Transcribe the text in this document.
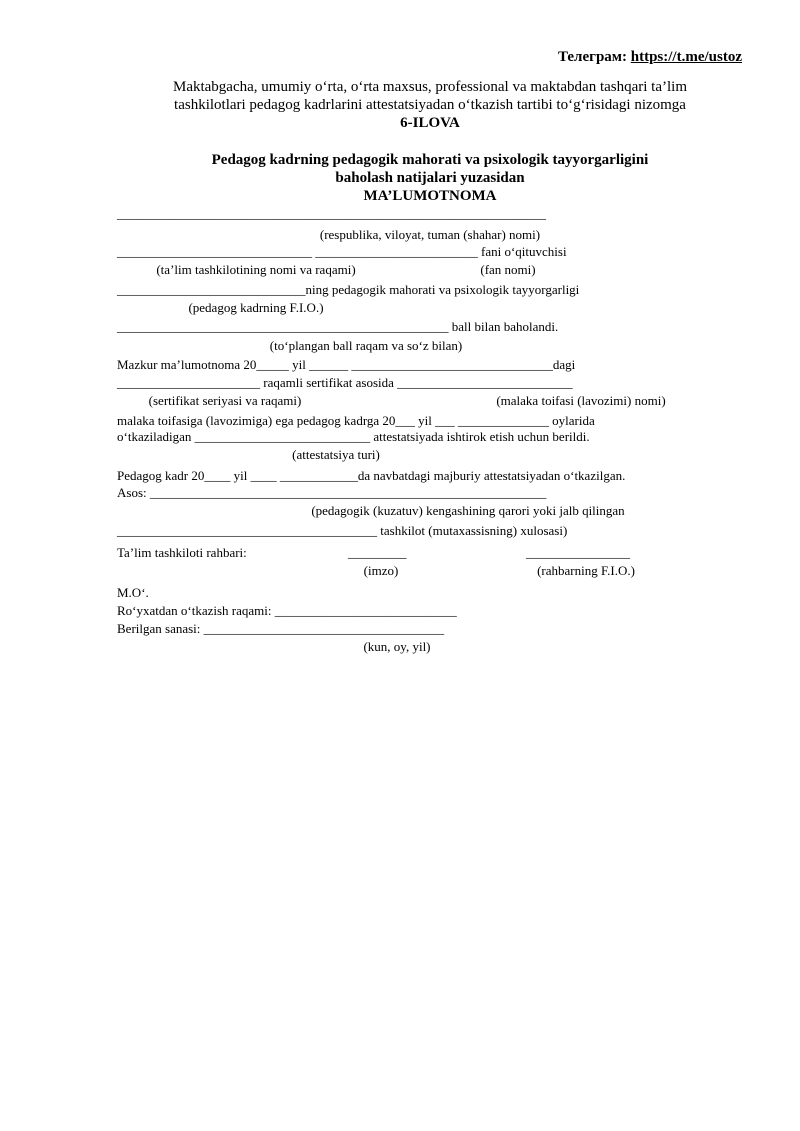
Телеграм: https://t.me/ustoz
Maktabgacha, umumiy o‘rta, o‘rta maxsus, professional va maktabdan tashqari ta’lim
tashkilotlari pedagog kadrlarini attestatsiyadan o‘tkazish tartibi to‘g‘risidagi nizomga
6-ILOVA
Pedagog kadrning pedagogik mahorati va psixologik tayyorgarligini
baholash natijalari yuzasidan
MA’LUMOTNOMA
__________________________________________________________________
(respublika, viloyat, tuman (shahar) nomi)
______________________________ _________________________ fani o‘qituvchisi
(ta’lim tashkilotining nomi va raqami)	(fan nomi)
_____________________________ning pedagogik mahorati va psixologik tayyorgarligi
(pedagog kadrning F.I.O.)
___________________________________________________ ball bilan baholandi.
(to‘plangan ball raqam va so‘z bilan)
Mazkur ma’lumotnoma 20_____ yil ______ _______________________________dagi
______________________ raqamli sertifikat asosida ___________________________
(sertifikat seriyasi va raqami)	(malaka toifasi (lavozimi) nomi)
malaka toifasiga (lavozimiga) ega pedagog kadrga 20___ yil ___ ______________ oylarida
o‘tkaziladigan ___________________________ attestatsiyada ishtirok etish uchun berildi.
(attestatsiya turi)
Pedagog kadr 20____ yil ____ ____________da navbatdagi majburiy attestatsiyadan o‘tkazilgan.
Asos: _____________________________________________________________
(pedagogik (kuzatuv) kengashining qarori yoki jalb qilingan
________________________________________ tashkilot (mutaxassisning) xulosasi)
Ta’lim tashkiloti rahbari:	_________	________________
(imzo)	(rahbarning F.I.O.)
M.O‘.
Ro‘yxatdan o‘tkazish raqami: ____________________________
Berilgan sanasi: _____________________________________
(kun, oy, yil)
